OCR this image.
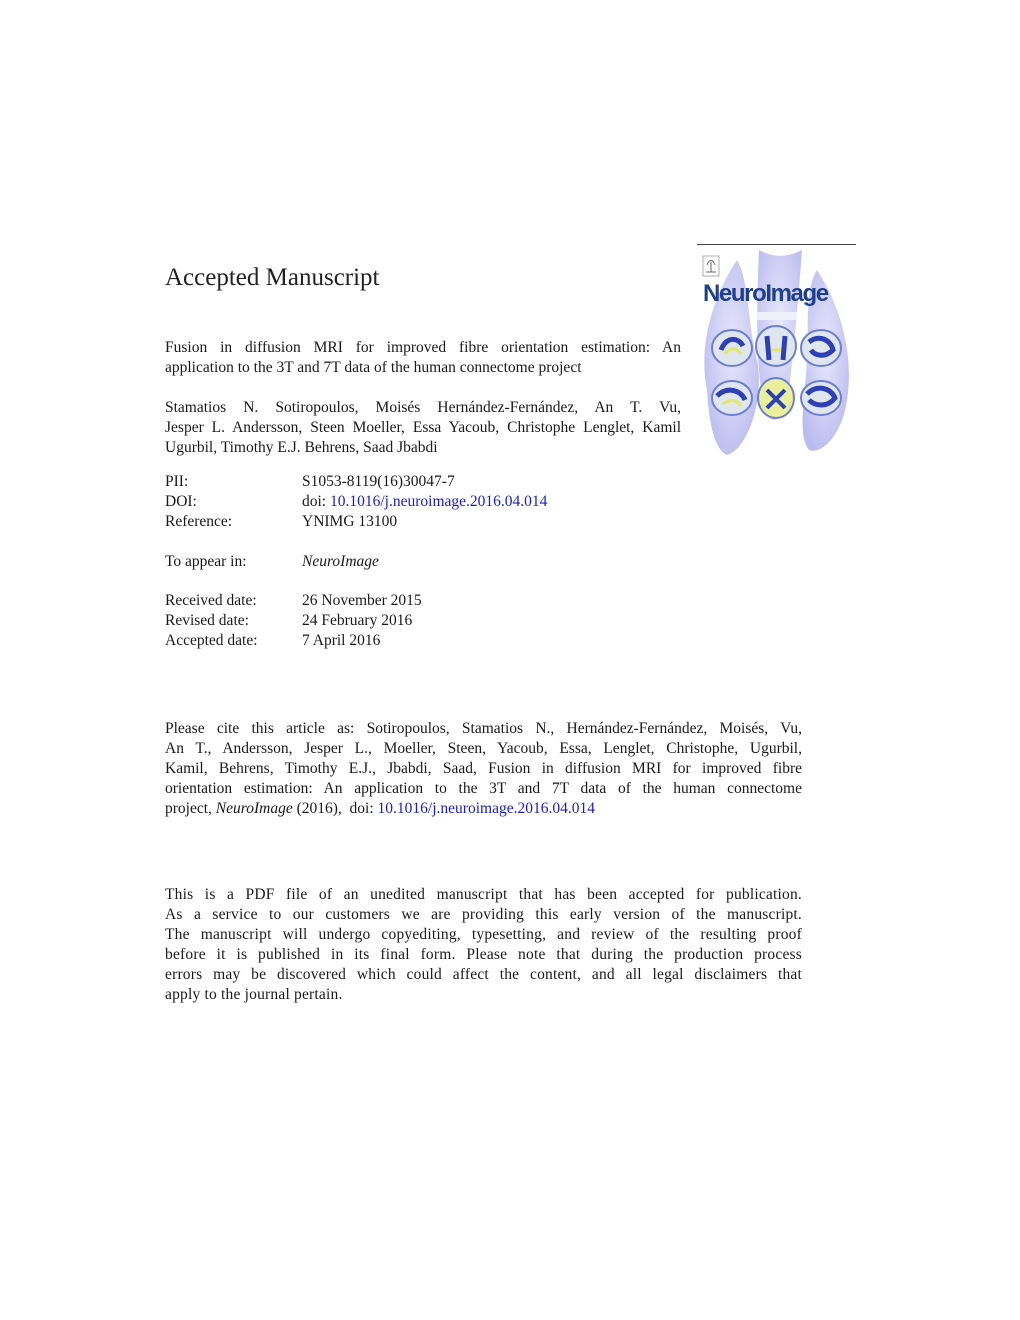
Accepted Manuscript
Fusion in diffusion MRI for improved fibre orientation estimation: An
application to the 3T and 7T data of the human connectome project
Stamatios N. Sotiropoulos, Moisés Hernández-Fernández, An T. Vu,
Jesper L. Andersson, Steen Moeller, Essa Yacoub, Christophe Lenglet, Kamil
Ugurbil, Timothy E.J. Behrens, Saad Jbabdi
PII:	S1053-8119(16)30047-7
DOI:	doi: 10.1016/j.neuroimage.2016.04.014
Reference:	YNIMG 13100
To appear in:	NeuroImage
Received date:	26 November 2015
Revised date:	24 February 2016
Accepted date:	7 April 2016
Please cite this article as: Sotiropoulos, Stamatios N., Hernández-Fernández, Moisés, Vu,
An T., Andersson, Jesper L., Moeller, Steen, Yacoub, Essa, Lenglet, Christophe, Ugurbil,
Kamil, Behrens, Timothy E.J., Jbabdi, Saad, Fusion in diffusion MRI for improved fibre
orientation estimation: An application to the 3T and 7T data of the human connectome
project, NeuroImage (2016), doi: 10.1016/j.neuroimage.2016.04.014
This is a PDF file of an unedited manuscript that has been accepted for publication.
As a service to our customers we are providing this early version of the manuscript.
The manuscript will undergo copyediting, typesetting, and review of the resulting proof
before it is published in its final form. Please note that during the production process
errors may be discovered which could affect the content, and all legal disclaimers that
apply to the journal pertain.
NeuroImage
